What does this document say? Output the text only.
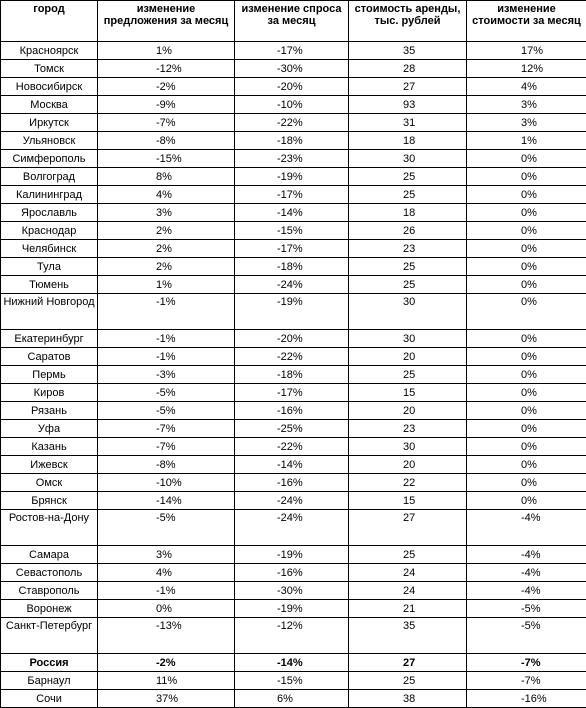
город	изменение предложения за месяц	изменение спроса за месяц	стоимость аренды, тыс. рублей	изменение стоимости за месяц
Красноярск	1%	-17%	35	17%
Томск	-12%	-30%	28	12%
Новосибирск	-2%	-20%	27	4%
Москва	-9%	-10%	93	3%
Иркутск	-7%	-22%	31	3%
Ульяновск	-8%	-18%	18	1%
Симферополь	-15%	-23%	30	0%
Волгоград	8%	-19%	25	0%
Калининград	4%	-17%	25	0%
Ярославль	3%	-14%	18	0%
Краснодар	2%	-15%	26	0%
Челябинск	2%	-17%	23	0%
Тула	2%	-18%	25	0%
Тюмень	1%	-24%	25	0%
Нижний Новгород	-1%	-19%	30	0%
Екатеринбург	-1%	-20%	30	0%
Саратов	-1%	-22%	20	0%
Пермь	-3%	-18%	25	0%
Киров	-5%	-17%	15	0%
Рязань	-5%	-16%	20	0%
Уфа	-7%	-25%	23	0%
Казань	-7%	-22%	30	0%
Ижевск	-8%	-14%	20	0%
Омск	-10%	-16%	22	0%
Брянск	-14%	-24%	15	0%
Ростов-на-Дону	-5%	-24%	27	-4%
Самара	3%	-19%	25	-4%
Севастополь	4%	-16%	24	-4%
Ставрополь	-1%	-30%	24	-4%
Воронеж	0%	-19%	21	-5%
Санкт-Петербург	-13%	-12%	35	-5%
Россия	-2%	-14%	27	-7%
Барнаул	11%	-15%	25	-7%
Сочи	37%	6%	38	-16%
